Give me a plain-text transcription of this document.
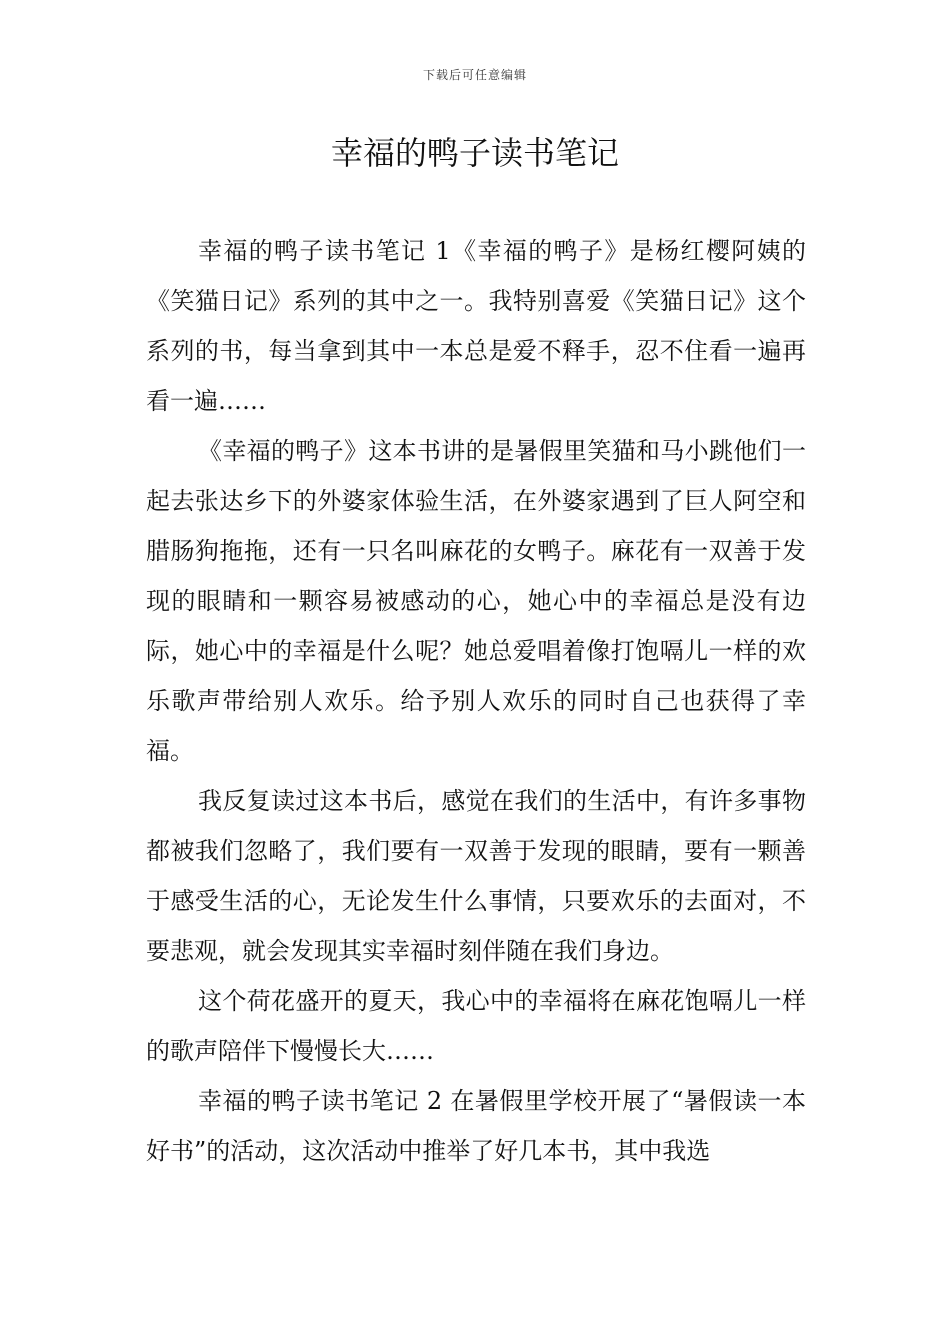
下载后可任意编辑
幸福的鸭子读书笔记

幸福的鸭子读书笔记 1《幸福的鸭子》是杨红樱阿姨的《笑猫日记》系列的其中之一。我特别喜爱《笑猫日记》这个系列的书，每当拿到其中一本总是爱不释手，忍不住看一遍再看一遍……

《幸福的鸭子》这本书讲的是暑假里笑猫和马小跳他们一起去张达乡下的外婆家体验生活，在外婆家遇到了巨人阿空和腊肠狗拖拖，还有一只名叫麻花的女鸭子。麻花有一双善于发现的眼睛和一颗容易被感动的心，她心中的幸福总是没有边际，她心中的幸福是什么呢？她总爱唱着像打饱嗝儿一样的欢乐歌声带给别人欢乐。给予别人欢乐的同时自己也获得了幸福。

我反复读过这本书后，感觉在我们的生活中，有许多事物都被我们忽略了，我们要有一双善于发现的眼睛，要有一颗善于感受生活的心，无论发生什么事情，只要欢乐的去面对，不要悲观，就会发现其实幸福时刻伴随在我们身边。

这个荷花盛开的夏天，我心中的幸福将在麻花饱嗝儿一样的歌声陪伴下慢慢长大……

幸福的鸭子读书笔记 2 在暑假里学校开展了“暑假读一本好书”的活动，这次活动中推举了好几本书，其中我选
